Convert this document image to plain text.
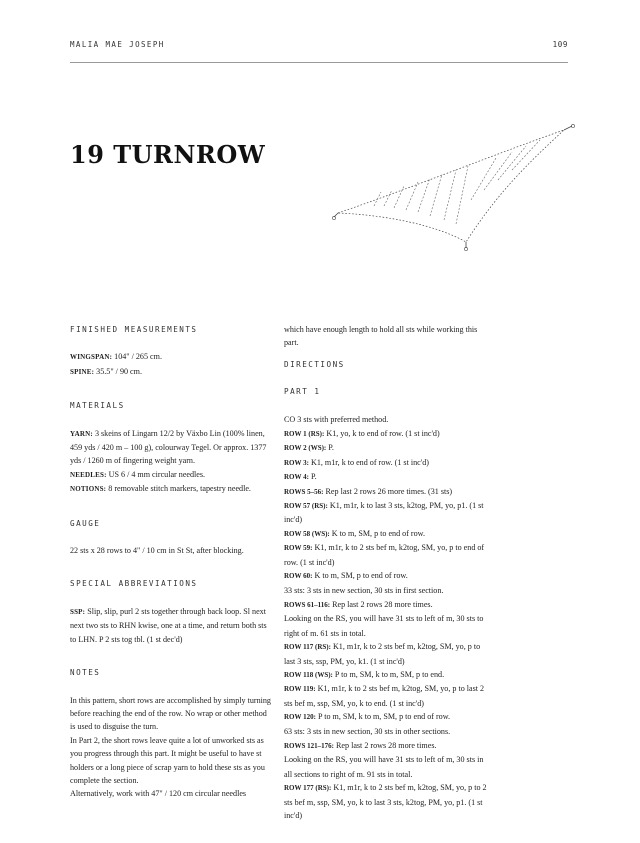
MALIA MAE JOSEPH	109
19 TURNROW
FINISHED MEASUREMENTS

WINGSPAN: 104" / 265 cm.

SPINE: 35.5" / 90 cm.

MATERIALS

YARN: 3 skeins of Lingarn 12/2 by Växbo Lin (100% linen, 459 yds / 420 m – 100 g), colourway Tegel. Or approx. 1377 yds / 1260 m of fingering weight yarn.

NEEDLES: US 6 / 4 mm circular needles.

NOTIONS: 8 removable stitch markers, tapestry needle.

GAUGE

22 sts x 28 rows to 4" / 10 cm in St St, after blocking.

SPECIAL ABBREVIATIONS

SSP: Slip, slip, purl 2 sts together through back loop. Sl next next two sts to RHN kwise, one at a time, and return both sts to LHN. P 2 sts tog tbl. (1 st dec'd)

NOTES

In this pattern, short rows are accomplished by simply turning before reaching the end of the row. No wrap or other method is used to disguise the turn.

In Part 2, the short rows leave quite a lot of unworked sts as you progress through this part. It might be useful to have st holders or a long piece of scrap yarn to hold these sts as you complete the section.

Alternatively, work with 47" / 120 cm circular needles

which have enough length to hold all sts while working this part.

DIRECTIONS
PART 1

CO 3 sts with preferred method.

ROW 1 (RS): K1, yo, k to end of row. (1 st inc'd)

ROW 2 (WS): P.

ROW 3: K1, m1r, k to end of row. (1 st inc'd)

ROW 4: P.

ROWS 5–56: Rep last 2 rows 26 more times. (31 sts)

ROW 57 (RS): K1, m1r, k to last 3 sts, k2tog, PM, yo, p1. (1 st inc'd)

ROW 58 (WS): K to m, SM, p to end of row.

ROW 59: K1, m1r, k to 2 sts bef m, k2tog, SM, yo, p to end of row. (1 st inc'd)

ROW 60: K to m, SM, p to end of row.

33 sts: 3 sts in new section, 30 sts in first section.

ROWS 61–116: Rep last 2 rows 28 more times.

Looking on the RS, you will have 31 sts to left of m, 30 sts to right of m. 61 sts in total.

ROW 117 (RS): K1, m1r, k to 2 sts bef m, k2tog, SM, yo, p to last 3 sts, ssp, PM, yo, k1. (1 st inc'd)

ROW 118 (WS): P to m, SM, k to m, SM, p to end.

ROW 119: K1, m1r, k to 2 sts bef m, k2tog, SM, yo, p to last 2 sts bef m, ssp, SM, yo, k to end. (1 st inc'd)

ROW 120: P to m, SM, k to m, SM, p to end of row.

63 sts: 3 sts in new section, 30 sts in other sections.

ROWS 121–176: Rep last 2 rows 28 more times.

Looking on the RS, you will have 31 sts to left of m, 30 sts in all sections to right of m. 91 sts in total.

ROW 177 (RS): K1, m1r, k to 2 sts bef m, k2tog, SM, yo, p to 2 sts bef m, ssp, SM, yo, k to last 3 sts, k2tog, PM, yo, p1. (1 st inc'd)
